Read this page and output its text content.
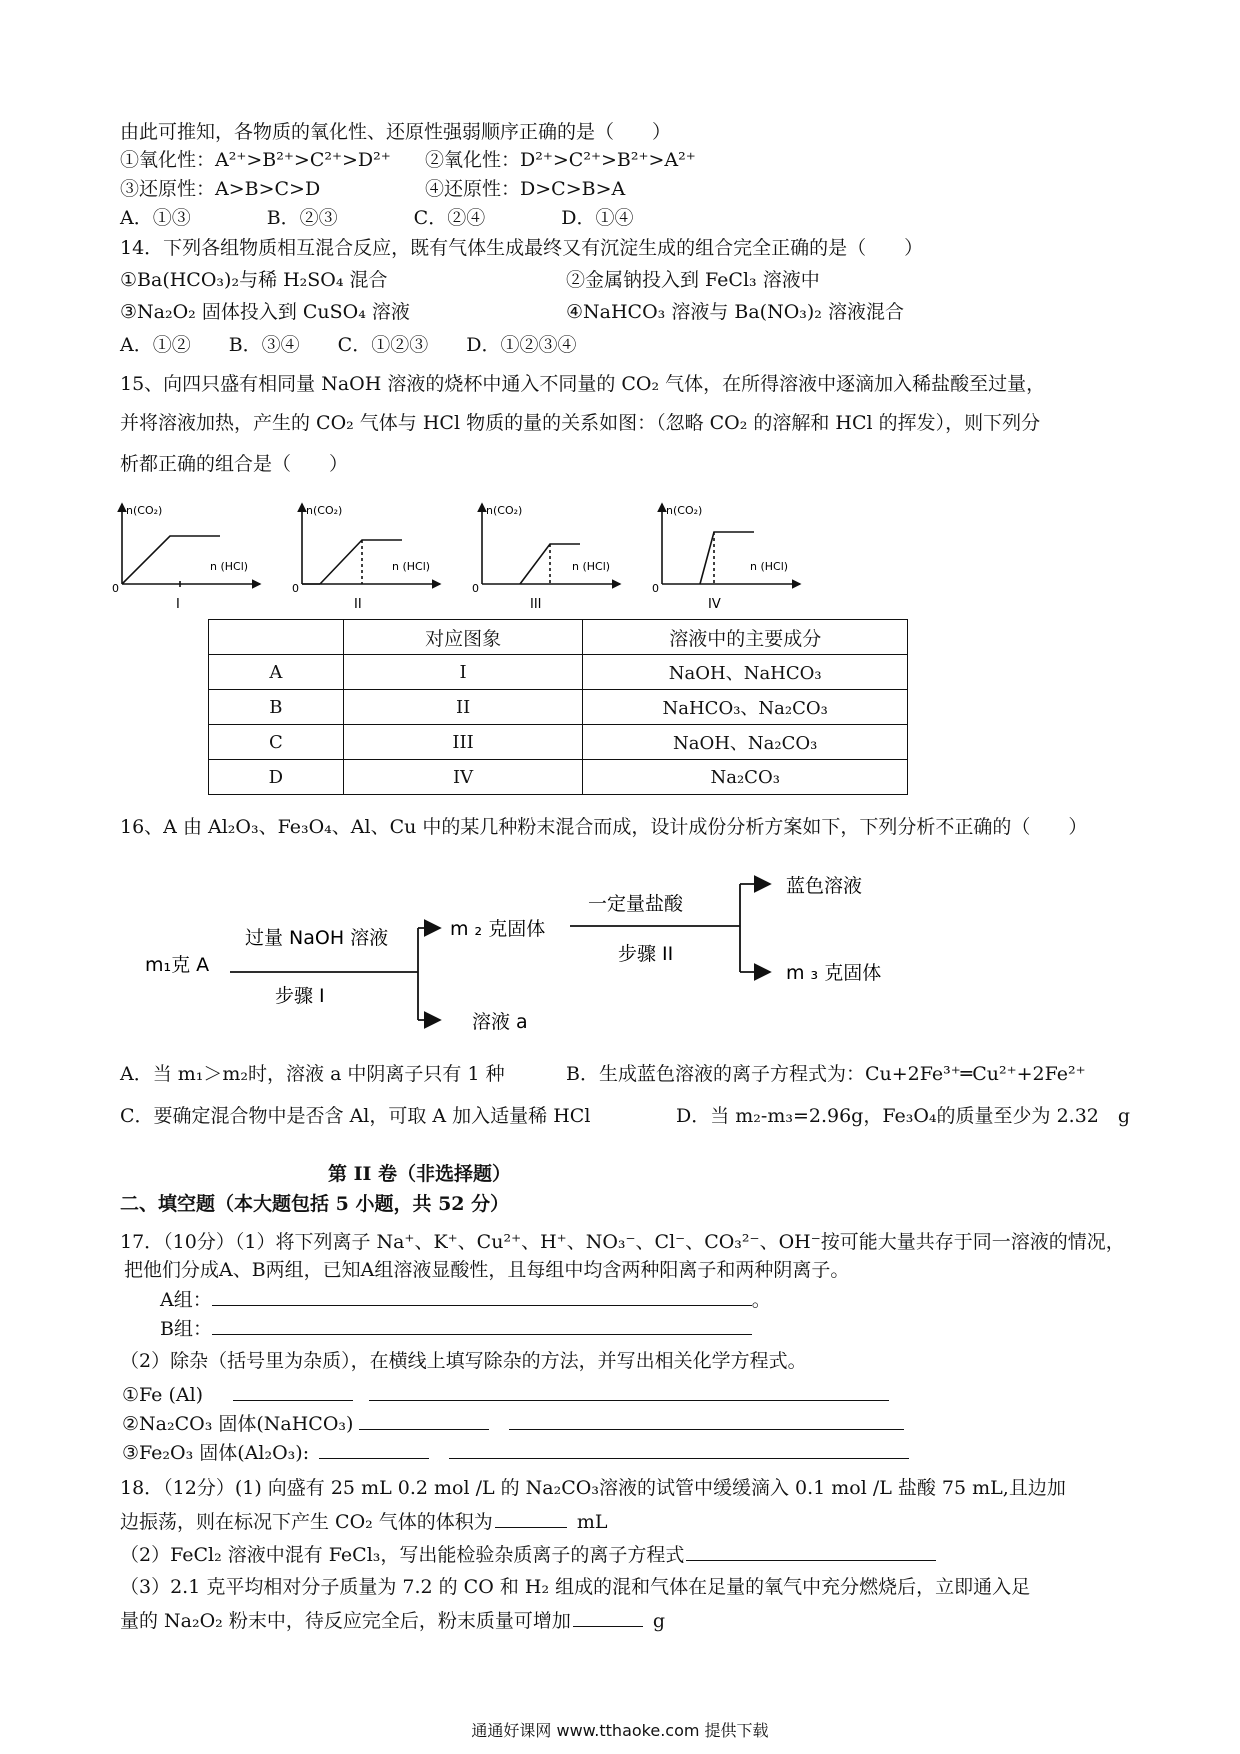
由此可推知，各物质的氧化性、还原性强弱顺序正确的是（　　）
①氧化性：A²⁺>B²⁺>C²⁺>D²⁺ ②氧化性：D²⁺>C²⁺>B²⁺>A²⁺
③还原性：A>B>C>D	④还原性：D>C>B>A
A．①③　　　　B．②③　　　　C．②④　　　　D．①④
14．下列各组物质相互混合反应，既有气体生成最终又有沉淀生成的组合完全正确的是（　　）
①Ba(HCO₃)₂与稀 H₂SO₄ 混合	②金属钠投入到 FeCl₃ 溶液中
③Na₂O₂ 固体投入到 CuSO₄ 溶液	④NaHCO₃ 溶液与 Ba(NO₃)₂ 溶液混合
A．①②　　B．③④　　C．①②③　　D．①②③④
15、向四只盛有相同量 NaOH 溶液的烧杯中通入不同量的 CO₂ 气体，在所得溶液中逐滴加入稀盐酸至过量，
并将溶液加热，产生的 CO₂ 气体与 HCl 物质的量的关系如图：（忽略 CO₂ 的溶解和 HCl 的挥发），则下列分
析都正确的组合是（　　）
n(CO₂)
n (HCl)
0
I
n(CO₂)
n (HCl)
0
II
n(CO₂)
n (HCl)
0
III
n(CO₂)
n (HCl)
0
IV
	对应图象	溶液中的主要成分
A	I	NaOH、NaHCO₃
B	II	NaHCO₃、Na₂CO₃
C	III	NaOH、Na₂CO₃
D	IV	Na₂CO₃
16、A 由 Al₂O₃、Fe₃O₄、Al、Cu 中的某几种粉末混合而成，设计成份分析方案如下，下列分析不正确的（　　）
m₁克 A
过量 NaOH 溶液
步骤 I
m ₂ 克固体
溶液 a
一定量盐酸
步骤 II
蓝色溶液
m ₃ 克固体
A．当 m₁＞m₂时，溶液 a 中阴离子只有 1 种	B．生成蓝色溶液的离子方程式为：Cu+2Fe³⁺═Cu²⁺+2Fe²⁺
C．要确定混合物中是否含 Al，可取 A 加入适量稀 HCl	D．当 m₂-m₃=2.96g，Fe₃O₄的质量至少为 2.32　g
第 II 卷（非选择题）
二、填空题（本大题包括 5 小题，共 52 分）
17．（10分）（1）将下列离子 Na⁺、K⁺、Cu²⁺、H⁺、NO₃⁻、Cl⁻、CO₃²⁻、OH⁻按可能大量共存于同一溶液的情况，
把他们分成A、B两组，已知A组溶液显酸性，且每组中均含两种阳离子和两种阴离子。
A组：	。
B组：
（2）除杂（括号里为杂质），在横线上填写除杂的方法，并写出相关化学方程式。
①Fe (Al)
②Na₂CO₃ 固体(NaHCO₃)
③Fe₂O₃ 固体(Al₂O₃):
18．（12分）(1) 向盛有 25 mL 0.2 mol /L 的 Na₂CO₃溶液的试管中缓缓滴入 0.1 mol /L 盐酸 75 mL,且边加
边振荡，则在标况下产生 CO₂ 气体的体积为	mL
（2）FeCl₂ 溶液中混有 FeCl₃，写出能检验杂质离子的离子方程式
（3）2.1 克平均相对分子质量为 7.2 的 CO 和 H₂ 组成的混和气体在足量的氧气中充分燃烧后，立即通入足
量的 Na₂O₂ 粉末中，待反应完全后，粉末质量可增加	g
通通好课网 www.tthaoke.com 提供下载
